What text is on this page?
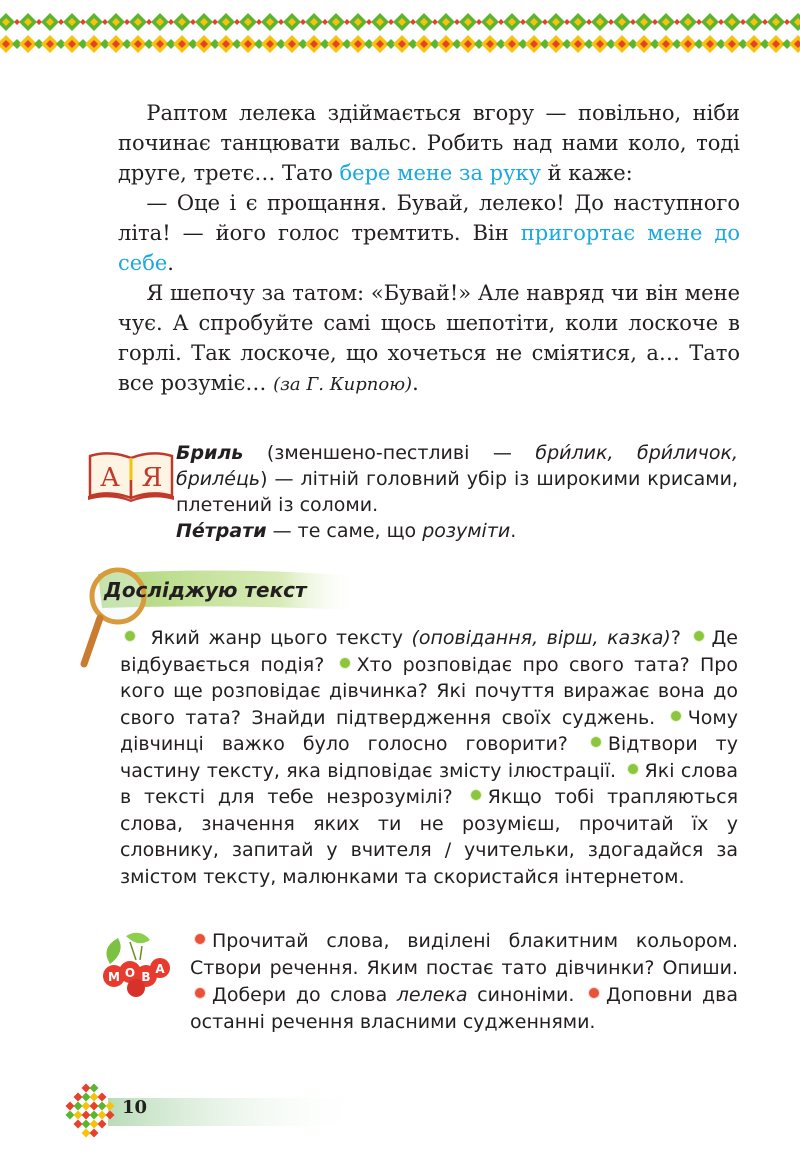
Раптом лелека здіймається вгору — повільно, ніби починає танцювати вальс. Робить над нами коло, тоді друге, третє… Тато бере мене за руку й каже:

— Оце і є прощання. Бувай, лелеко! До наступного літа! — його голос тремтить. Він пригортає мене до себе.

Я шепочу за татом: «Бувай!» Але навряд чи він мене чує. А спробуйте самі щось шепотіти, коли лоскоче в горлі. Так лоскоче, що хочеться не сміятися, а… Тато все розуміє… (за Г. Кирпою).

А Я

Бриль (зменшено-пестливі — бри́лик, бри́личок, брилéць) — літній головний убір із широкими крисами, плетений із соломи.

Пе́трати — те саме, що розуміти.

Досліджую текст
Який жанр цього тексту (оповідання, вірш, казка)? Де відбувається подія? Хто розповідає про свого тата? Про кого ще розповідає дівчинка? Які почуття виражає вона до свого тата? Знайди підтвердження своїх суджень. Чому дівчинці важко було голосно говорити? Відтвори ту частину тексту, яка відповідає змісту ілюстрації. Які слова в тексті для тебе незрозумілі? Якщо тобі трапляються слова, значення яких ти не розумієш, прочитай їх у словнику, запитай у вчителя / учительки, здогадайся за змістом тексту, малюнками та скористайся інтернетом.
М О В
А
Прочитай слова, виділені блакитним кольором. Створи речення. Яким постає тато дівчинки? Опиши. Добери до слова лелека синоніми. Доповни два останні речення власними судженнями.
10
